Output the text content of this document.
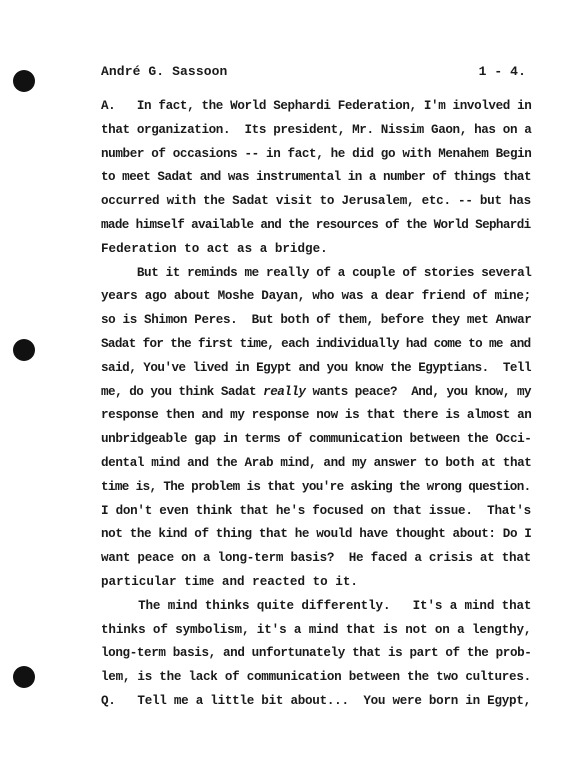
André G. Sassoon	1 - 4.
A.   In fact, the World Sephardi Federation, I'm involved in
that organization.  Its president, Mr. Nissim Gaon, has on a
number of occasions -- in fact, he did go with Menahem Begin
to meet Sadat and was instrumental in a number of things that
occurred with the Sadat visit to Jerusalem, etc. -- but has
made himself available and the resources of the World Sephardi
Federation to act as a bridge.
But it reminds me really of a couple of stories several
years ago about Moshe Dayan, who was a dear friend of mine;
so is Shimon Peres.  But both of them, before they met Anwar
Sadat for the first time, each individually had come to me and
said, You've lived in Egypt and you know the Egyptians.  Tell
me, do you think Sadat really wants peace?  And, you know, my
response then and my response now is that there is almost an
unbridgeable gap in terms of communication between the Occi-
dental mind and the Arab mind, and my answer to both at that
time is, The problem is that you're asking the wrong question.
I don't even think that he's focused on that issue.  That's
not the kind of thing that he would have thought about: Do I
want peace on a long-term basis?  He faced a crisis at that
particular time and reacted to it.
The mind thinks quite differently.   It's a mind that
thinks of symbolism, it's a mind that is not on a lengthy,
long-term basis, and unfortunately that is part of the prob-
lem, is the lack of communication between the two cultures.
Q.   Tell me a little bit about...  You were born in Egypt,
